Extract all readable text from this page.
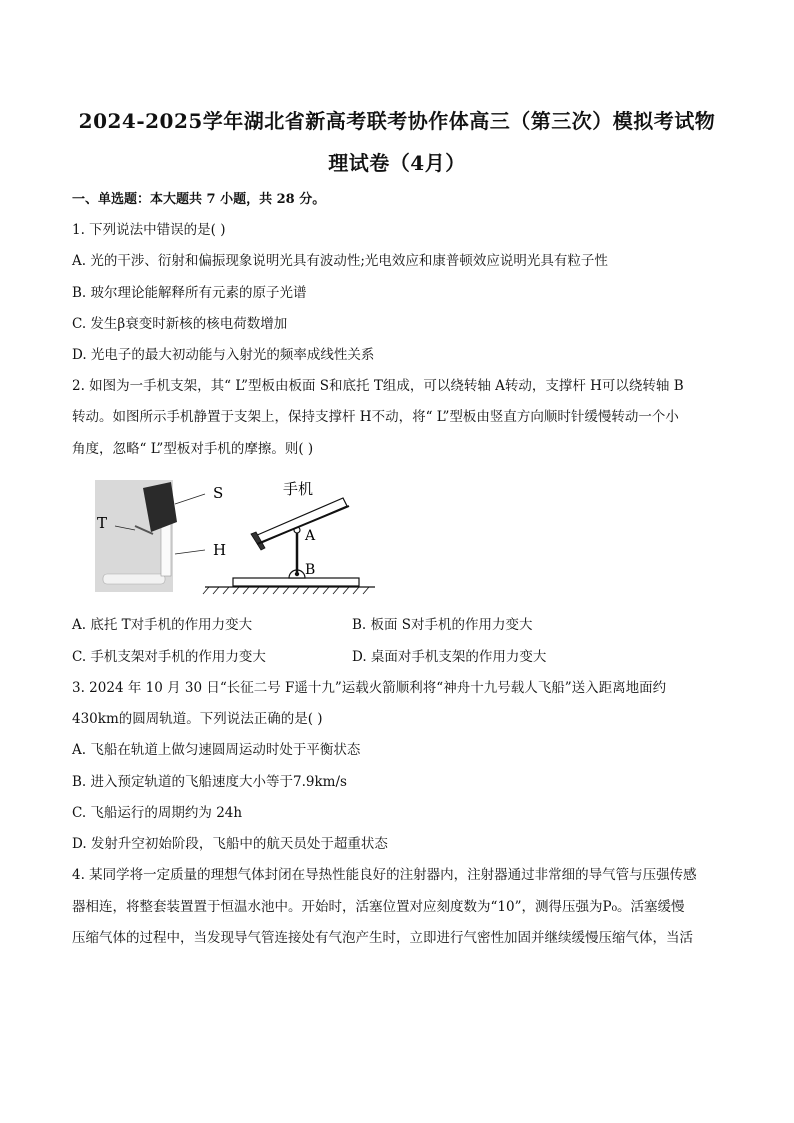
2024-2025学年湖北省新高考联考协作体高三（第三次）模拟考试物
理试卷（4月）
一、单选题：本大题共 7 小题，共 28 分。
1. 下列说法中错误的是( )
A. 光的干涉、衍射和偏振现象说明光具有波动性;光电效应和康普顿效应说明光具有粒子性
B. 玻尔理论能解释所有元素的原子光谱
C. 发生β衰变时新核的核电荷数增加
D. 光电子的最大初动能与入射光的频率成线性关系
2. 如图为一手机支架，其“ L”型板由板面 S和底托 T组成，可以绕转轴 A转动，支撑杆 H可以绕转轴 B
转动。如图所示手机静置于支架上，保持支撑杆 H不动，将“ L”型板由竖直方向顺时针缓慢转动一个小
角度，忽略“ L”型板对手机的摩擦。则( )
S
T
H
手机
A
B
A. 底托 T对手机的作用力变大	B. 板面 S对手机的作用力变大
C. 手机支架对手机的作用力变大	D. 桌面对手机支架的作用力变大
3. 2024 年 10 月 30 日“长征二号 F遥十九”运载火箭顺利将“神舟十九号载人飞船”送入距离地面约
430km的圆周轨道。下列说法正确的是( )
A. 飞船在轨道上做匀速圆周运动时处于平衡状态
B. 进入预定轨道的飞船速度大小等于7.9km/s
C. 飞船运行的周期约为 24h
D. 发射升空初始阶段，飞船中的航天员处于超重状态
4. 某同学将一定质量的理想气体封闭在导热性能良好的注射器内，注射器通过非常细的导气管与压强传感
器相连，将整套装置置于恒温水池中。开始时，活塞位置对应刻度数为“10”，测得压强为P₀。活塞缓慢
压缩气体的过程中，当发现导气管连接处有气泡产生时，立即进行气密性加固并继续缓慢压缩气体，当活
